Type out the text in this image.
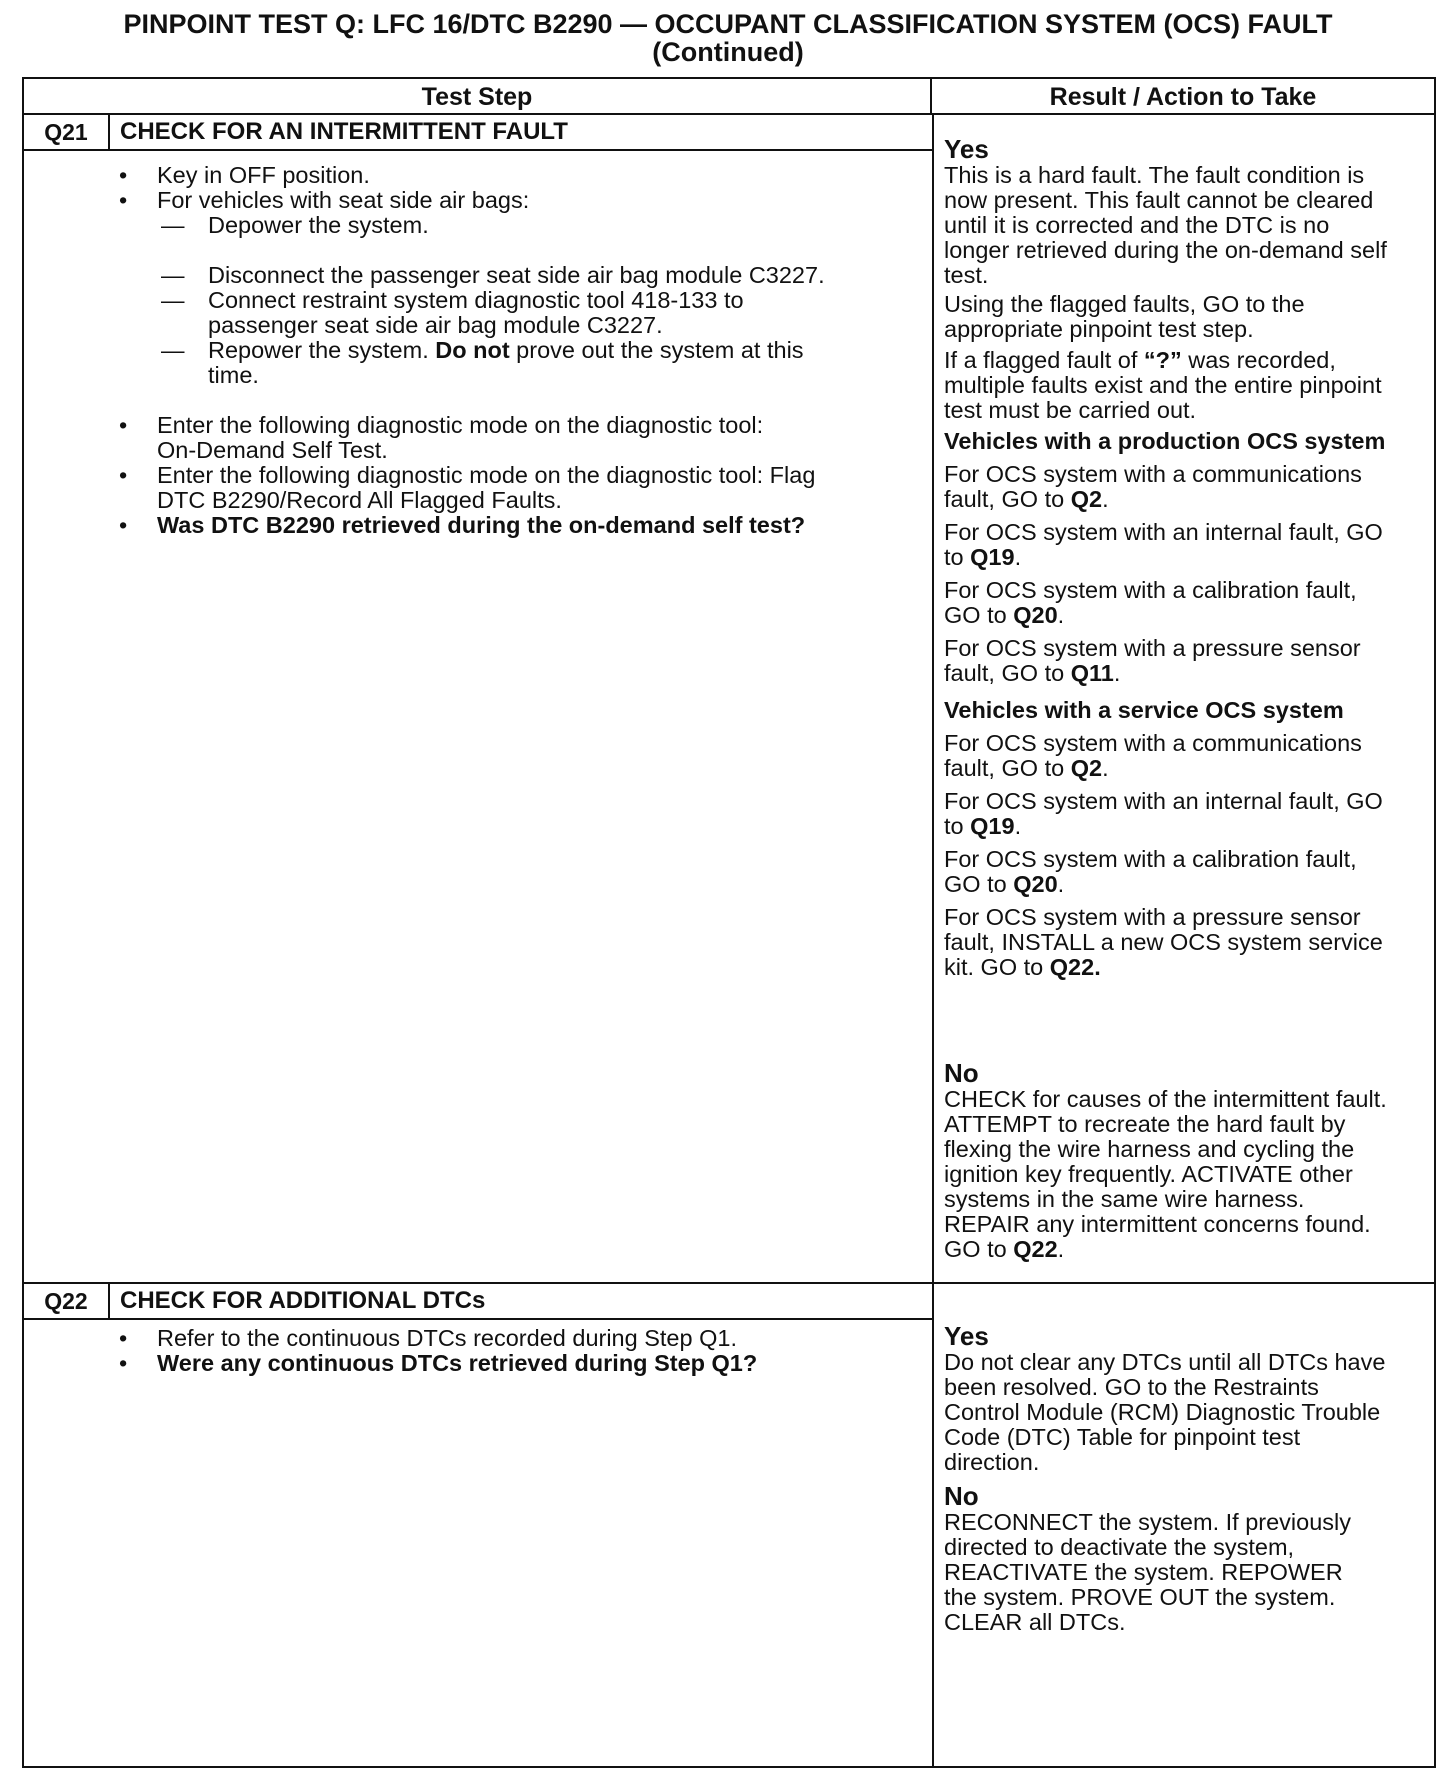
PINPOINT TEST Q: LFC 16/DTC B2290 — OCCUPANT CLASSIFICATION SYSTEM (OCS) FAULT
(Continued)
Test Step	Result / Action to Take
Q21	CHECK FOR AN INTERMITTENT FAULT
• Key in OFF position.
• For vehicles with seat side air bags:
— Depower the system.
— Disconnect the passenger seat side air bag module C3227.
— Connect restraint system diagnostic tool 418-133 to
passenger seat side air bag module C3227.
— Repower the system. Do not prove out the system at this
time.
• Enter the following diagnostic mode on the diagnostic tool:
On-Demand Self Test.
• Enter the following diagnostic mode on the diagnostic tool: Flag
DTC B2290/Record All Flagged Faults.
• Was DTC B2290 retrieved during the on-demand self test?
Yes
This is a hard fault. The fault condition is
now present. This fault cannot be cleared
until it is corrected and the DTC is no
longer retrieved during the on-demand self
test.
Using the flagged faults, GO to the
appropriate pinpoint test step.
If a flagged fault of “?” was recorded,
multiple faults exist and the entire pinpoint
test must be carried out.
Vehicles with a production OCS system
For OCS system with a communications
fault, GO to Q2.
For OCS system with an internal fault, GO
to Q19.
For OCS system with a calibration fault,
GO to Q20.
For OCS system with a pressure sensor
fault, GO to Q11.
Vehicles with a service OCS system
For OCS system with a communications
fault, GO to Q2.
For OCS system with an internal fault, GO
to Q19.
For OCS system with a calibration fault,
GO to Q20.
For OCS system with a pressure sensor
fault, INSTALL a new OCS system service
kit. GO to Q22.
No
CHECK for causes of the intermittent fault.
ATTEMPT to recreate the hard fault by
flexing the wire harness and cycling the
ignition key frequently. ACTIVATE other
systems in the same wire harness.
REPAIR any intermittent concerns found.
GO to Q22.
Q22	CHECK FOR ADDITIONAL DTCs
• Refer to the continuous DTCs recorded during Step Q1.
• Were any continuous DTCs retrieved during Step Q1?
Yes
Do not clear any DTCs until all DTCs have
been resolved. GO to the Restraints
Control Module (RCM) Diagnostic Trouble
Code (DTC) Table for pinpoint test
direction.
No
RECONNECT the system. If previously
directed to deactivate the system,
REACTIVATE the system. REPOWER
the system. PROVE OUT the system.
CLEAR all DTCs.
